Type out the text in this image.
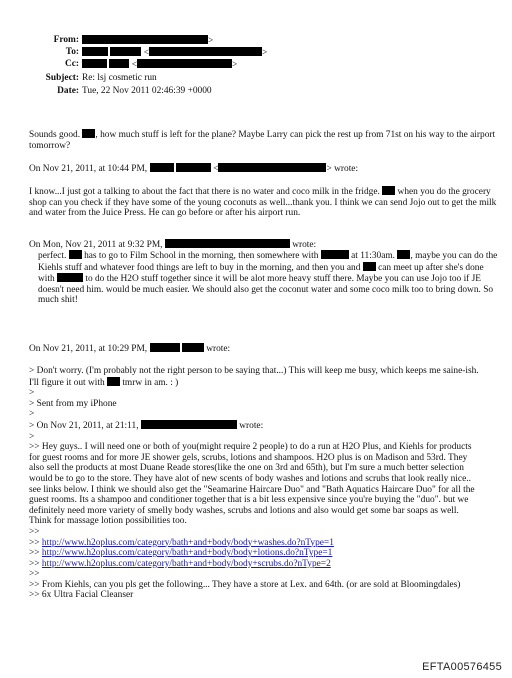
From:	>
To:	<	>
Cc:	<	>
Subject: Re: lsj cosmetic run
Date: Tue, 22 Nov 2011 02:46:39 +0000

Sounds good. , how much stuff is left for the plane? Maybe Larry can pick the rest up from 71st on his way to the airport tomorrow?

On Nov 21, 2011, at 10:44 PM,	<	> wrote:

I know...I just got a talking to about the fact that there is no water and coco milk in the fridge. when you do the grocery shop can you check if they have some of the young coconuts as well...thank you. I think we can send Jojo out to get the milk and water from the Juice Press. He can go before or after his airport run.

On Mon, Nov 21, 2011 at 9:32 PM,	wrote:

perfect. has to go to Film School in the morning, then somewhere with	at 11:30am. , maybe you can do the Kiehls stuff and whatever food things are left to buy in the morning, and then you and can meet up after she's done with	to do the H2O stuff together since it will be alot more heavy stuff there. Maybe you can use Jojo too if JE doesn't need him. would be much easier. We should also get the coconut water and some coco milk too to bring down. So much shit!

On Nov 21, 2011, at 10:29 PM,	wrote:

> Don't worry. (I'm probably not the right person to be saying that...) This will keep me busy, which keeps me saine-ish. I'll figure it out with tmrw in am. : )

>

> Sent from my iPhone

>

> On Nov 21, 2011, at 21:11,	wrote:

>

>> Hey guys.. I will need one or both of you(might require 2 people) to do a run at H2O Plus, and Kiehls for products for guest rooms and for more JE shower gels, scrubs, lotions and shampoos. H2O plus is on Madison and 53rd. They also sell the products at most Duane Reade stores(like the one on 3rd and 65th), but I'm sure a much better selection would be to go to the store. They have alot of new scents of body washes and lotions and scrubs that look really nice.. see links below. I think we should also get the "Seamarine Haircare Duo" and "Bath Aquatics Haircare Duo" for all the guest rooms. Its a shampoo and conditioner together that is a bit less expensive since you're buying the "duo". but we definitely need more variety of smelly body washes, scrubs and lotions and also would get some bar soaps as well. Think for massage lotion possibilities too.

>>

>> http://www.h2oplus.com/category/bath+and+body/body+washes.do?nType=1

>> http://www.h2oplus.com/category/bath+and+body/body+lotions.do?nType=1

>> http://www.h2oplus.com/category/bath+and+body/body+scrubs.do?nType=2

>>

>> From Kiehls, can you pls get the following... They have a store at Lex. and 64th. (or are sold at Bloomingdales)

>> 6x Ultra Facial Cleanser

EFTA00576455
